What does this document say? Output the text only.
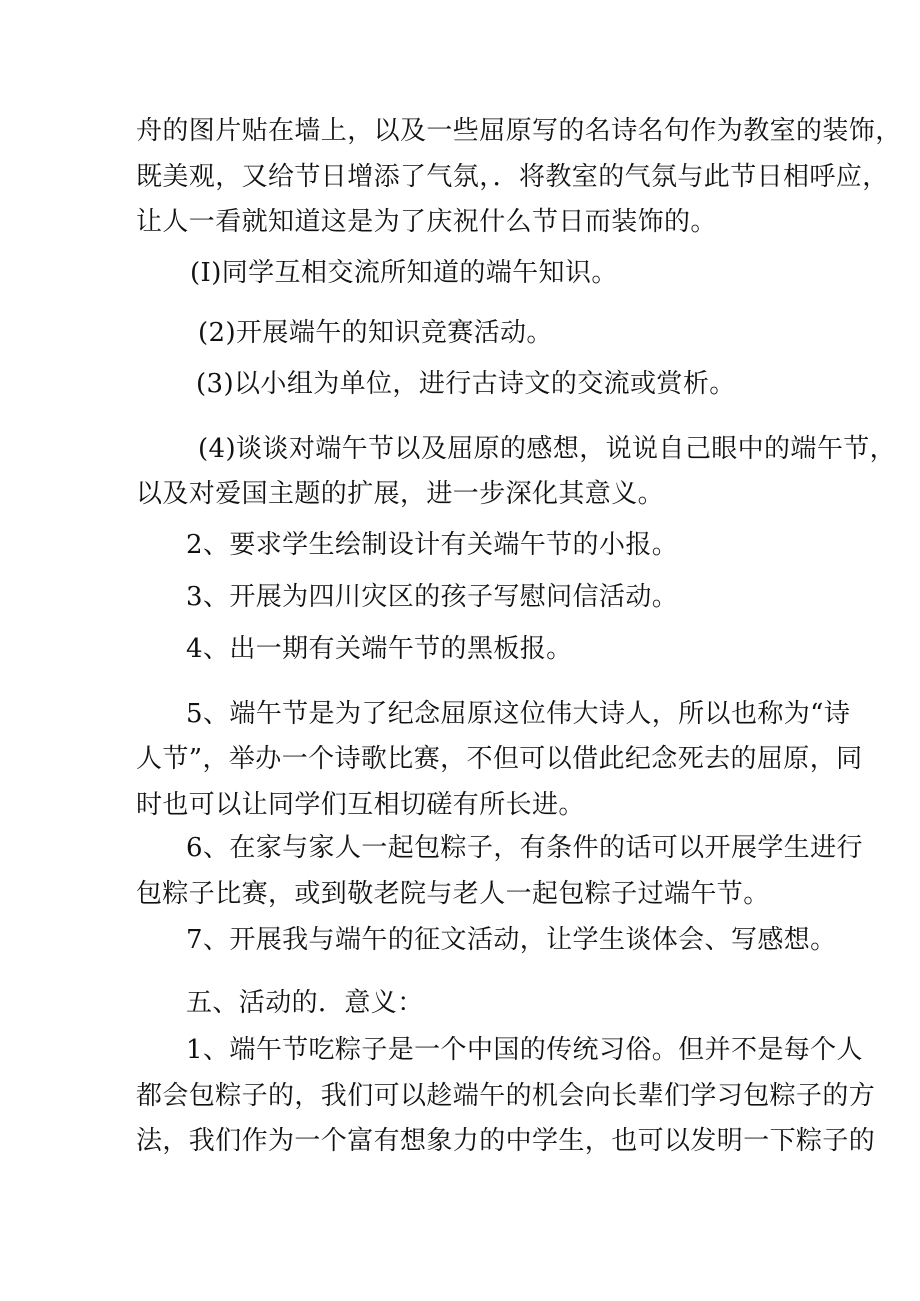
舟的图片贴在墙上，以及一些屈原写的名诗名句作为教室的装饰，
既美观，又给节日增添了气氛，．将教室的气氛与此节日相呼应，
让人一看就知道这是为了庆祝什么节日而装饰的。
(I)同学互相交流所知道的端午知识。
(2)开展端午的知识竞赛活动。
(3)以小组为单位，进行古诗文的交流或赏析。
(4)谈谈对端午节以及屈原的感想，说说自己眼中的端午节，
以及对爱国主题的扩展，进一步深化其意义。
2、要求学生绘制设计有关端午节的小报。
3、开展为四川灾区的孩子写慰问信活动。
4、出一期有关端午节的黑板报。
5、端午节是为了纪念屈原这位伟大诗人，所以也称为“诗
人节”，举办一个诗歌比赛，不但可以借此纪念死去的屈原，同
时也可以让同学们互相切磋有所长进。
6、在家与家人一起包粽子，有条件的话可以开展学生进行
包粽子比赛，或到敬老院与老人一起包粽子过端午节。
7、开展我与端午的征文活动，让学生谈体会、写感想。
五、活动的．意义：
1、端午节吃粽子是一个中国的传统习俗。但并不是每个人
都会包粽子的，我们可以趁端午的机会向长辈们学习包粽子的方
法，我们作为一个富有想象力的中学生，也可以发明一下粽子的
